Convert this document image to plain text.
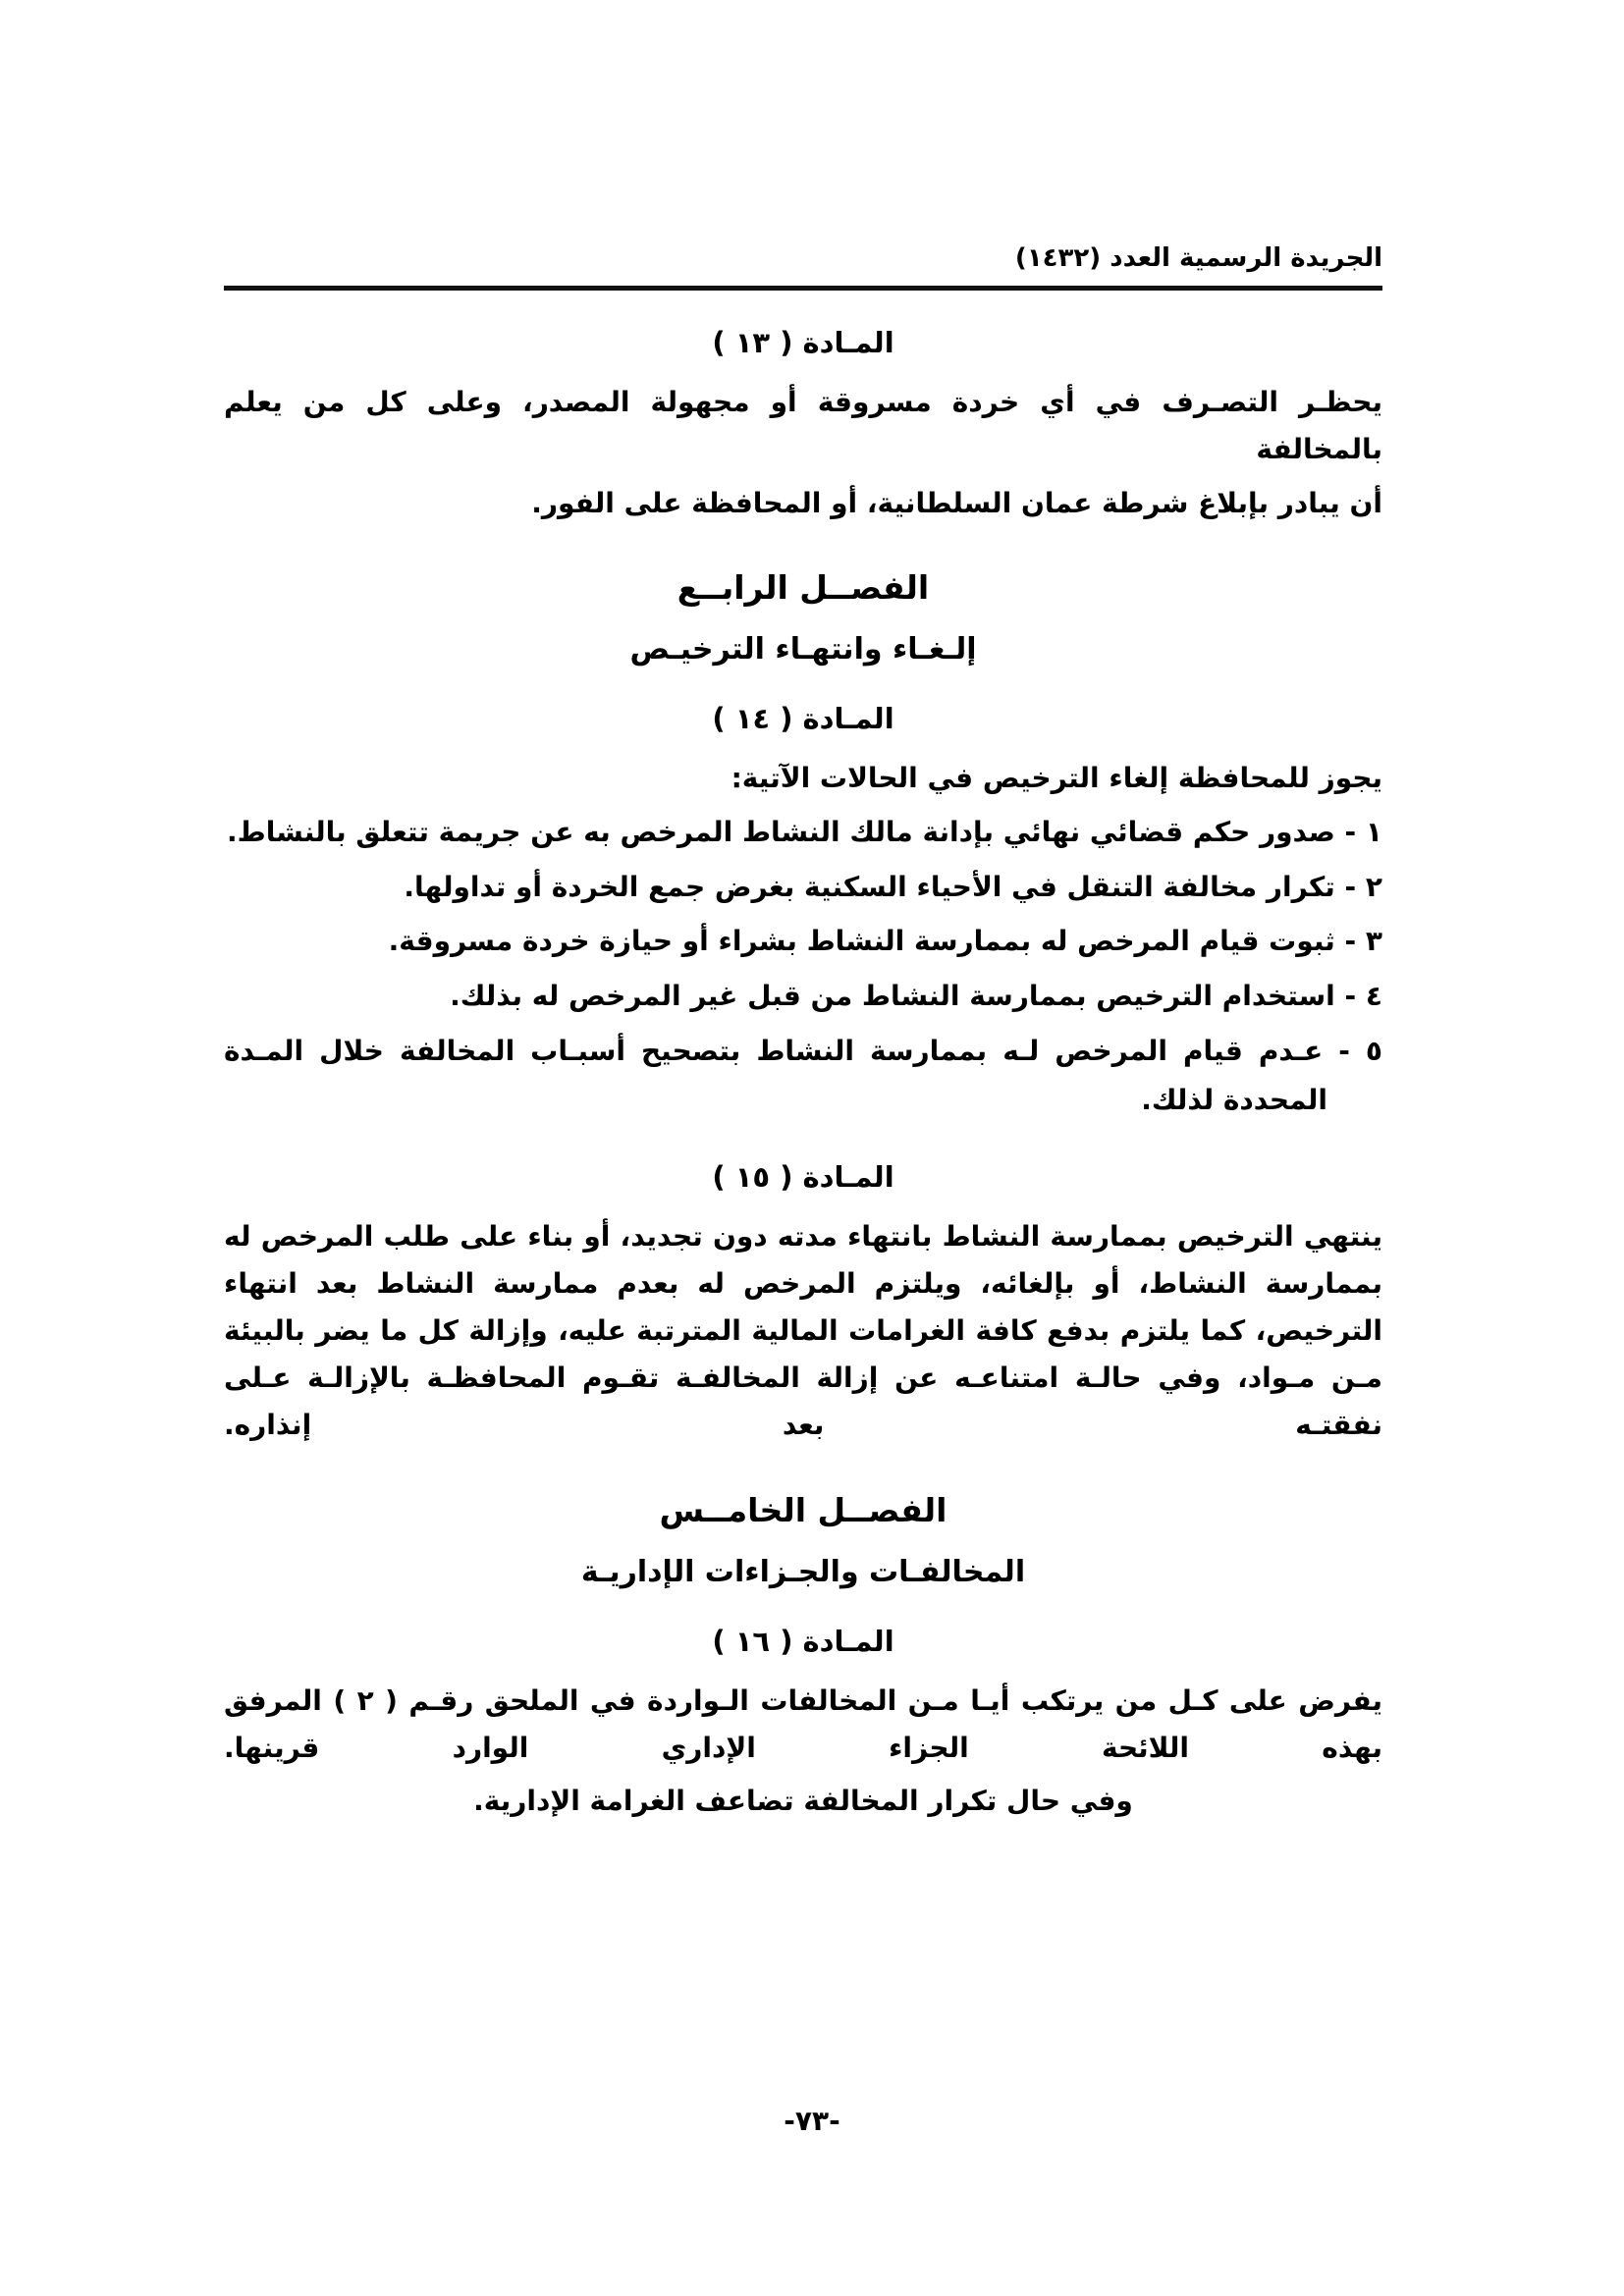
الجريدة الرسمية العدد (١٤٣٢)
المـادة ( ١٣ )

يحظـر التصـرف في أي خردة مسروقة أو مجهولة المصدر، وعلى كل من يعلم بالمخالفة

أن يبادر بإبلاغ شرطة عمان السلطانية، أو المحافظة على الفور.

الفصــل الرابــع
إلـغـاء وانتهـاء الترخيـص
المـادة ( ١٤ )

يجوز للمحافظة إلغاء الترخيص في الحالات الآتية:

١ - صدور حكم قضائي نهائي بإدانة مالك النشاط المرخص به عن جريمة تتعلق بالنشاط.
٢ - تكرار مخالفة التنقل في الأحياء السكنية بغرض جمع الخردة أو تداولها.
٣ - ثبوت قيام المرخص له بممارسة النشاط بشراء أو حيازة خردة مسروقة.
٤ - استخدام الترخيص بممارسة النشاط من قبل غير المرخص له بذلك.
٥ - عـدم قيام المرخص لـه بممارسة النشاط بتصحيح أسبـاب المخالفة خلال المـدة المحددة لذلك.
المـادة ( ١٥ )

ينتهي الترخيص بممارسة النشاط بانتهاء مدته دون تجديد، أو بناء على طلب المرخص له بممارسة النشاط، أو بإلغائه، ويلتزم المرخص له بعدم ممارسة النشاط بعد انتهاء الترخيص، كما يلتزم بدفع كافة الغرامات المالية المترتبة عليه، وإزالة كل ما يضر بالبيئة مـن مـواد، وفي حالـة امتناعـه عن إزالة المخالفـة تقـوم المحافظـة بالإزالـة عـلى نفقتـه بعد إنذاره.

الفصــل الخامــس
المخالفـات والجـزاءات الإداريـة
المـادة ( ١٦ )

يفرض على كـل من يرتكب أيـا مـن المخالفات الـواردة في الملحق رقـم ( ٢ ) المرفق بهذه اللائحة الجزاء الإداري الوارد قرينها.

وفي حال تكرار المخالفة تضاعف الغرامة الإدارية.

-٧٣-
